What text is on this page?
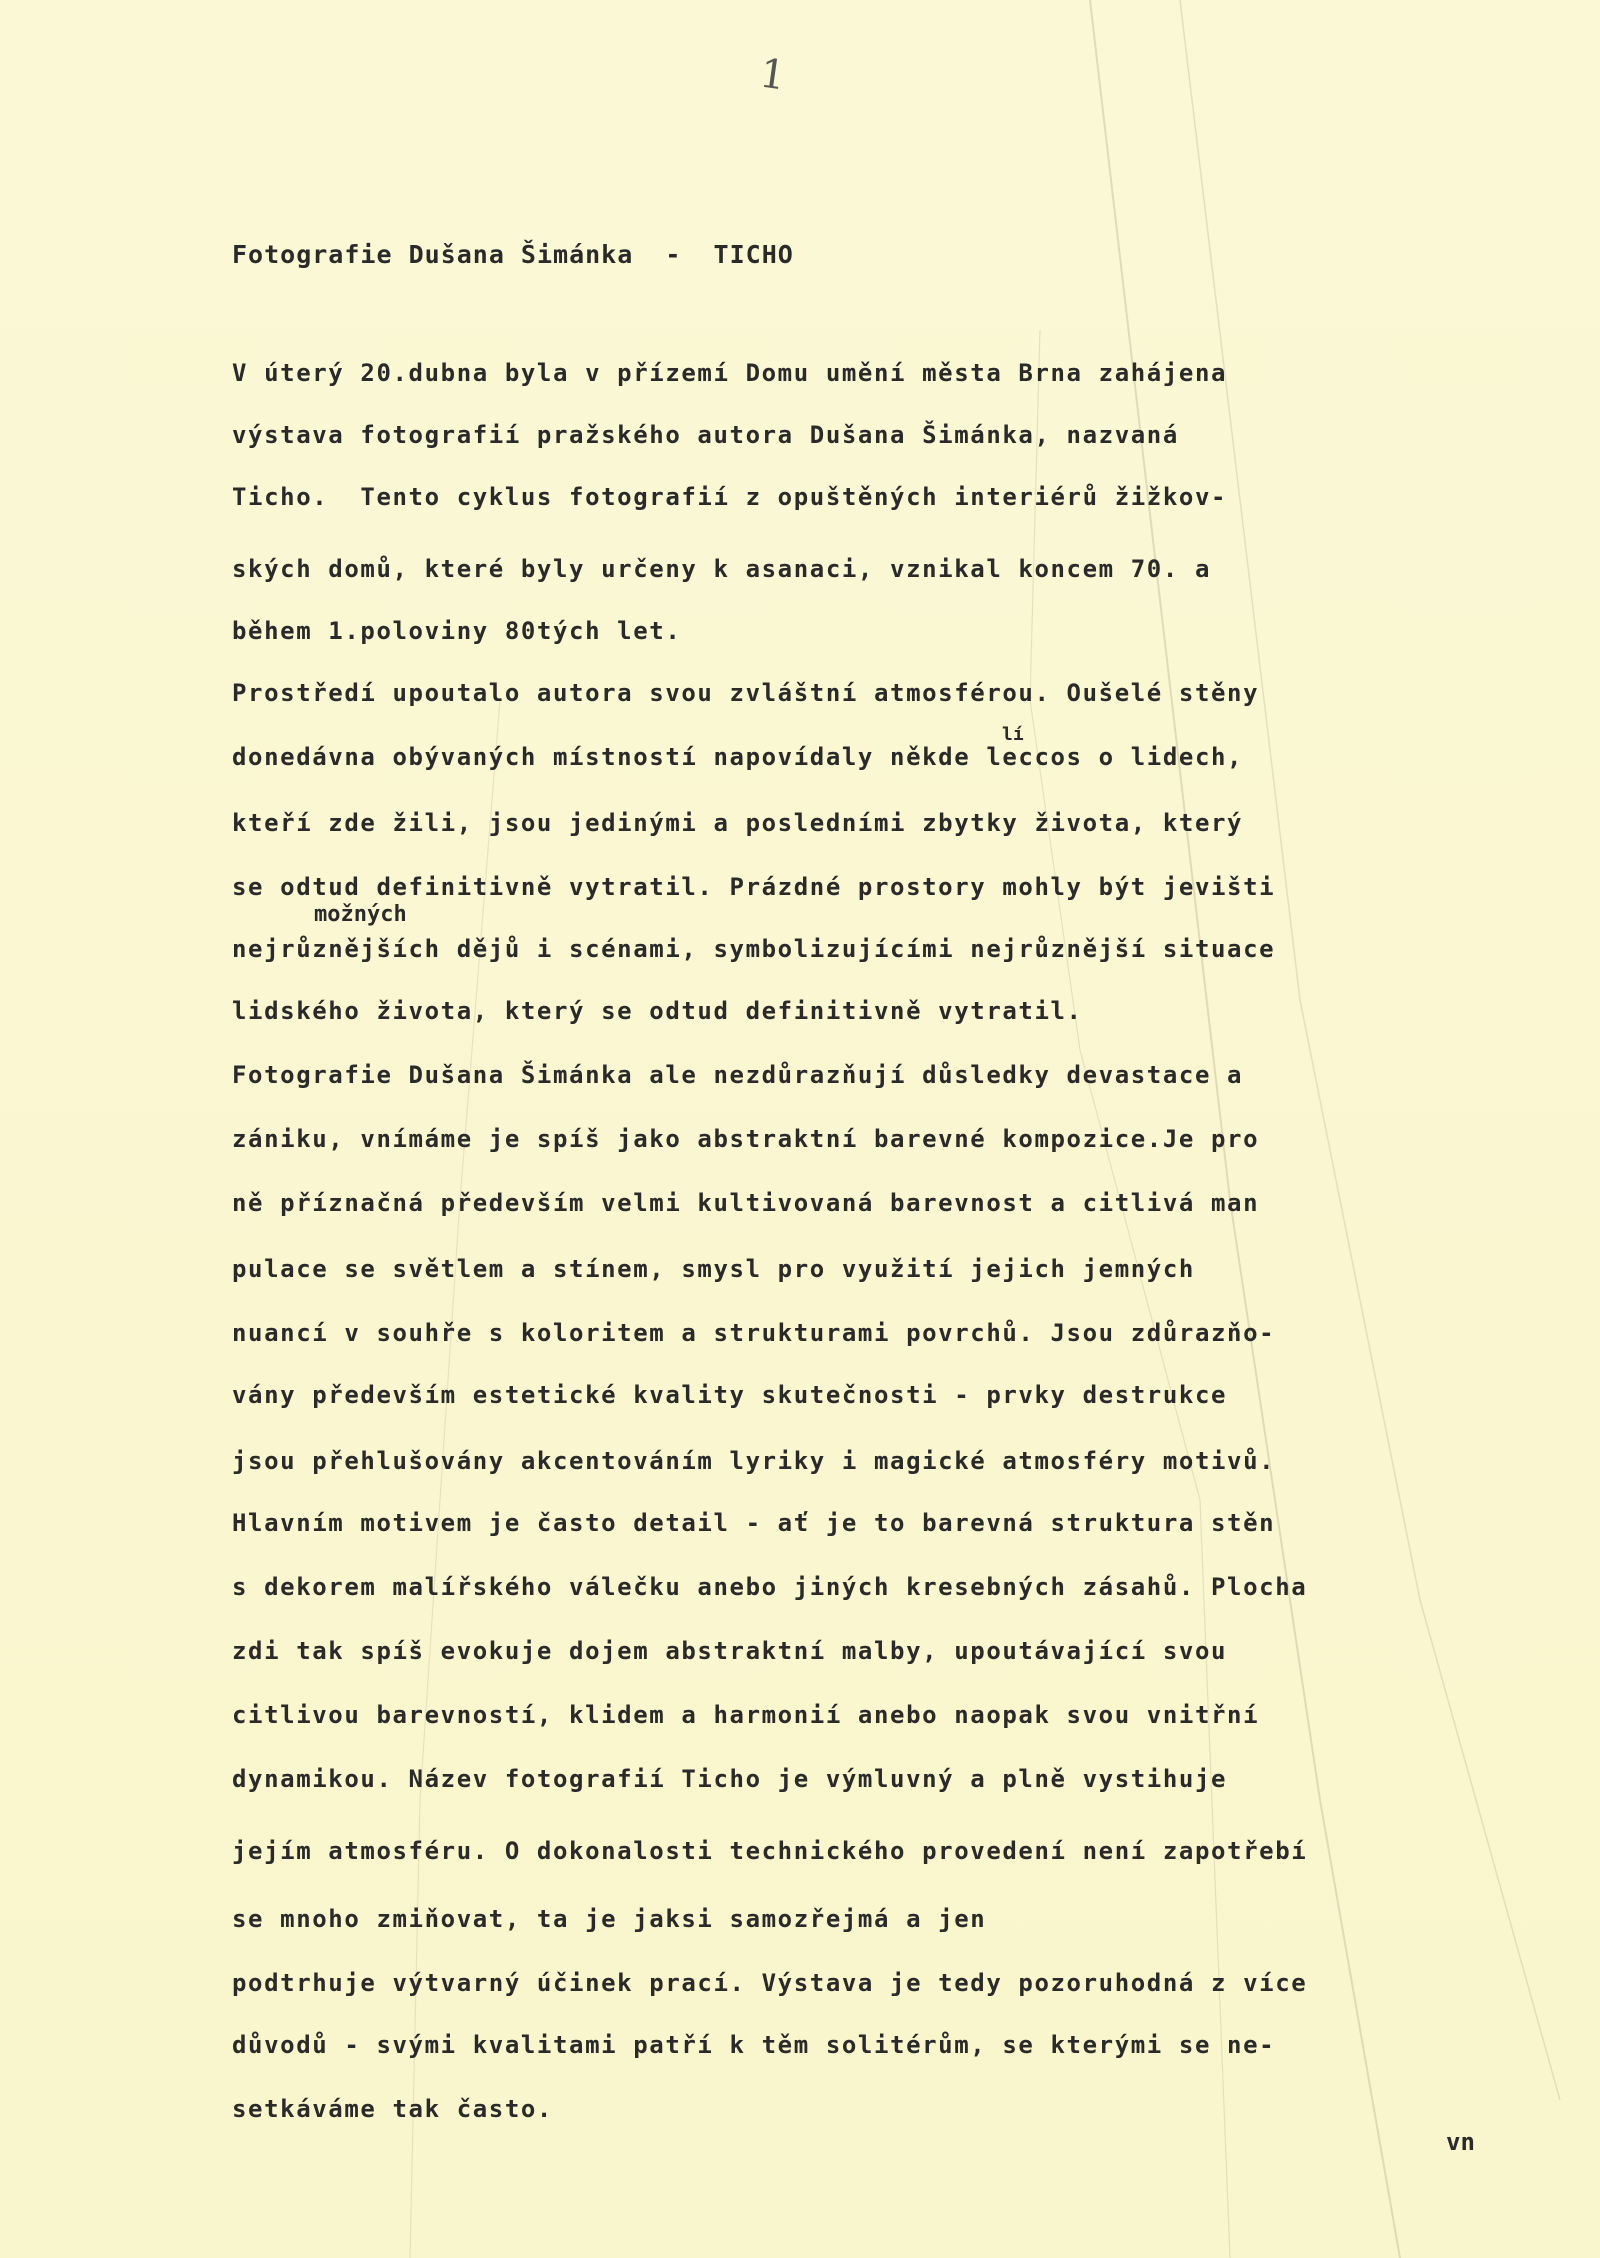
1
Fotografie Dušana Šimánka  -  TICHO
lí
možných
V úterý 20.dubna byla v přízemí Domu umění města Brna zahájena
výstava fotografií pražského autora Dušana Šimánka, nazvaná
Ticho.  Tento cyklus fotografií z opuštěných interiérů žižkov-
ských domů, které byly určeny k asanaci, vznikal koncem 70. a
během 1.poloviny 80tých let.
Prostředí upoutalo autora svou zvláštní atmosférou. Oušelé stěny
donedávna obývaných místností napovídaly někde leccos o lidech,
kteří zde žili, jsou jedinými a posledními zbytky života, který
se odtud definitivně vytratil. Prázdné prostory mohly být jevišti
nejrůznějších dějů i scénami, symbolizujícími nejrůznější situace
lidského života, který se odtud definitivně vytratil.
Fotografie Dušana Šimánka ale nezdůrazňují důsledky devastace a
zániku, vnímáme je spíš jako abstraktní barevné kompozice.Je pro
ně příznačná především velmi kultivovaná barevnost a citlivá man
pulace se světlem a stínem, smysl pro využití jejich jemných
nuancí v souhře s koloritem a strukturami povrchů. Jsou zdůrazňo-
vány především estetické kvality skutečnosti - prvky destrukce
jsou přehlušovány akcentováním lyriky i magické atmosféry motivů.
Hlavním motivem je často detail - ať je to barevná struktura stěn
s dekorem malířského válečku anebo jiných kresebných zásahů. Plocha
zdi tak spíš evokuje dojem abstraktní malby, upoutávající svou
citlivou barevností, klidem a harmonií anebo naopak svou vnitřní
dynamikou. Název fotografií Ticho je výmluvný a plně vystihuje
jejím atmosféru. O dokonalosti technického provedení není zapotřebí
se mnoho zmiňovat, ta je jaksi samozřejmá a jen
podtrhuje výtvarný účinek prací. Výstava je tedy pozoruhodná z více
důvodů - svými kvalitami patří k těm solitérům, se kterými se ne-
setkáváme tak často.
vn
